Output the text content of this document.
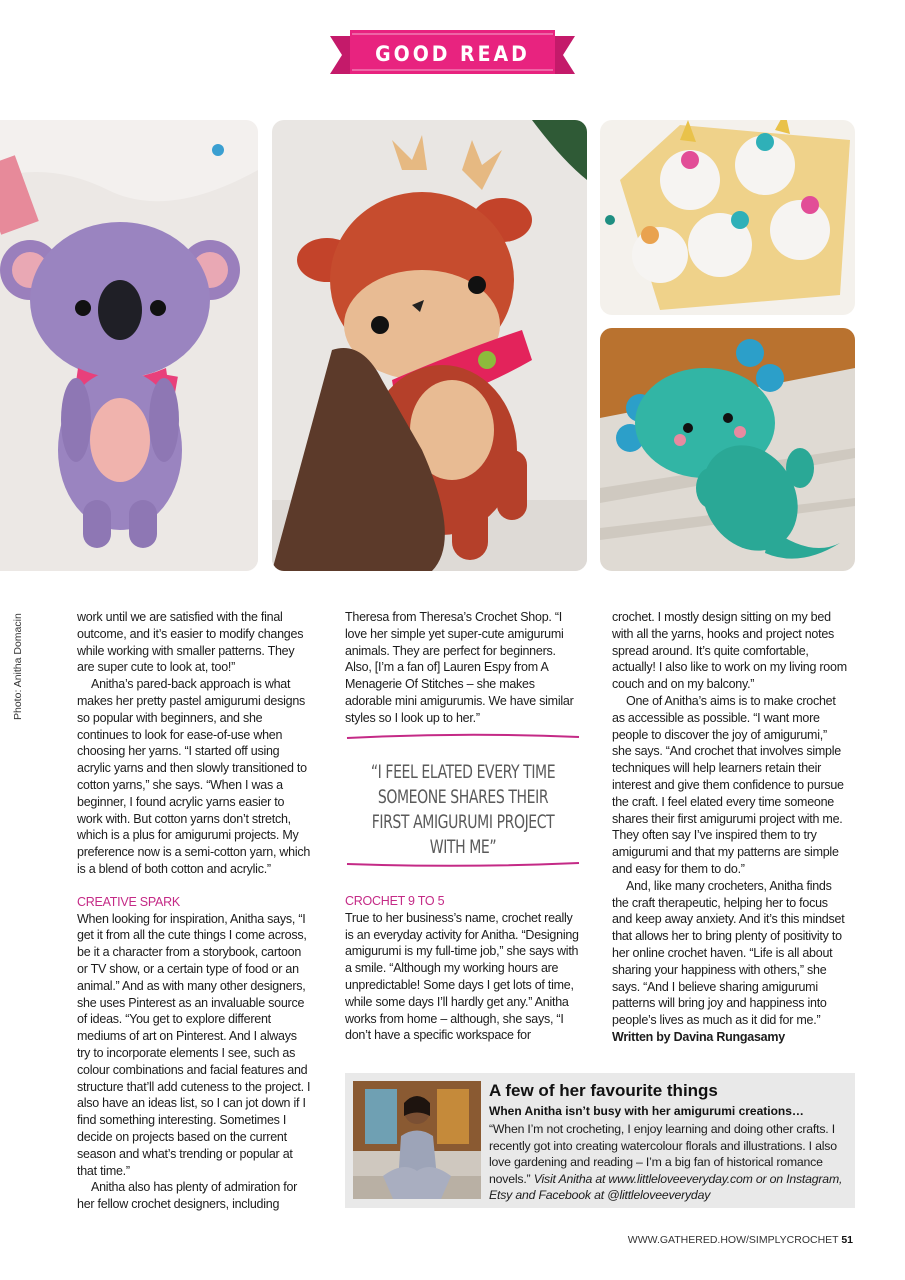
GOOD READ
Photo: Anitha Domacin	work until we are satisfied with the final outcome, and it’s easier to modify changes while working with smaller patterns. They are super cute to look at, too!”

Anitha’s pared-back approach is what makes her pretty pastel amigurumi designs so popular with beginners, and she continues to look for ease-of-use when choosing her yarns. “I started off using acrylic yarns and then slowly transitioned to cotton yarns,” she says. “When I was a beginner, I found acrylic yarns easier to work with. But cotton yarns don’t stretch, which is a plus for amigurumi projects. My preference now is a semi-cotton yarn, which is a blend of both cotton and acrylic.”

CREATIVE SPARK

When looking for inspiration, Anitha says, “I get it from all the cute things I come across, be it a character from a storybook, cartoon or TV show, or a certain type of food or an animal.” And as with many other designers, she uses Pinterest as an invaluable source of ideas. “You get to explore different mediums of art on Pinterest. And I always try to incorporate elements I see, such as colour combinations and facial features and structure that’ll add cuteness to the project. I also have an ideas list, so I can jot down if I find something interesting. Sometimes I decide on projects based on the current season and what’s trending or popular at that time.”

Anitha also has plenty of admiration for her fellow crochet designers, including

Theresa from Theresa’s Crochet Shop. “I love her simple yet super-cute amigurumi animals. They are perfect for beginners. Also, [I’m a fan of] Lauren Espy from A Menagerie Of Stitches – she makes adorable mini amigurumis. We have similar styles so I look up to her.”

“I FEEL ELATED EVERY TIME SOMEONE SHARES THEIR FIRST AMIGURUMI PROJECT WITH ME”

CROCHET 9 TO 5

True to her business’s name, crochet really is an everyday activity for Anitha. “Designing amigurumi is my full-time job,” she says with a smile. “Although my working hours are unpredictable! Some days I get lots of time, while some days I’ll hardly get any.” Anitha works from home – although, she says, “I don’t have a specific workspace for

crochet. I mostly design sitting on my bed with all the yarns, hooks and project notes spread around. It’s quite comfortable, actually! I also like to work on my living room couch and on my balcony.”

One of Anitha’s aims is to make crochet as accessible as possible. “I want more people to discover the joy of amigurumi,” she says. “And crochet that involves simple techniques will help learners retain their interest and give them confidence to pursue the craft. I feel elated every time someone shares their first amigurumi project with me. They often say I’ve inspired them to try amigurumi and that my patterns are simple and easy for them to do.”

And, like many crocheters, Anitha finds the craft therapeutic, helping her to focus and keep away anxiety. And it’s this mindset that allows her to bring plenty of positivity to her online crochet haven. “Life is all about sharing your happiness with others,” she says. “And I believe sharing amigurumi patterns will bring joy and happiness into people’s lives as much as it did for me.”

Written by Davina Rungasamy

A few of her favourite things
When Anitha isn’t busy with her amigurumi creations…
“When I’m not crocheting, I enjoy learning and doing other crafts. I recently got into creating watercolour florals and illustrations. I also love gardening and reading – I’m a big fan of historical romance novels.” Visit Anitha at www.littleloveeveryday.com or on Instagram, Etsy and Facebook at @littleloveeveryday
WWW.GATHERED.HOW/SIMPLYCROCHET 51
